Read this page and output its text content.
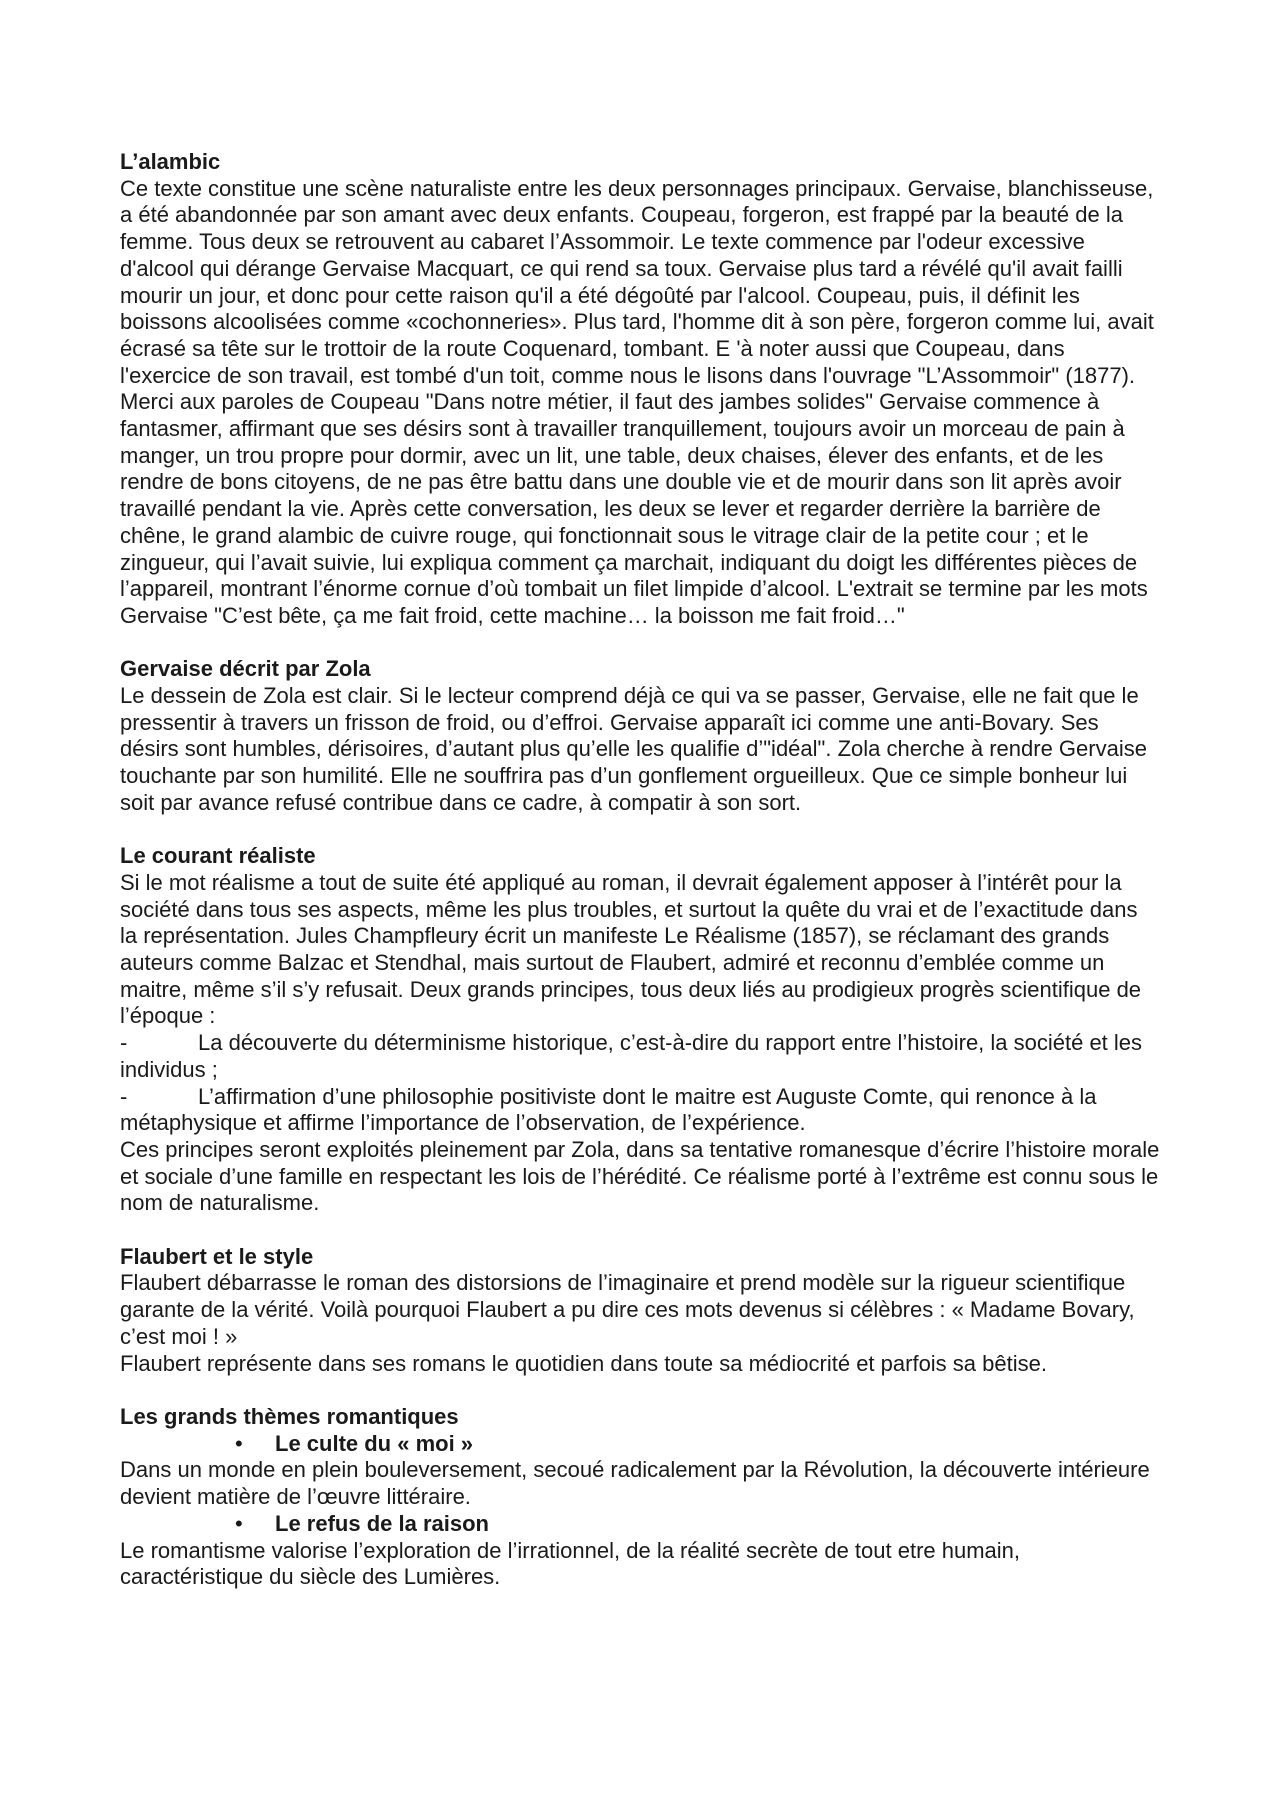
L’alambic

Ce texte constitue une scène naturaliste entre les deux personnages principaux. Gervaise, blanchisseuse, a été abandonnée par son amant avec deux enfants. Coupeau, forgeron, est frappé par la beauté de la femme. Tous deux se retrouvent au cabaret l’Assommoir. Le texte commence par l'odeur excessive d'alcool qui dérange Gervaise Macquart, ce qui rend sa toux. Gervaise plus tard a révélé qu'il avait failli mourir un jour, et donc pour cette raison qu'il a été dégoûté par l'alcool. Coupeau, puis, il définit les boissons alcoolisées comme «cochonneries». Plus tard, l'homme dit à son père, forgeron comme lui, avait écrasé sa tête sur le trottoir de la route Coquenard, tombant. E 'à noter aussi que Coupeau, dans l'exercice de son travail, est tombé d'un toit, comme nous le lisons dans l'ouvrage "L’Assommoir" (1877). Merci aux paroles de Coupeau "Dans notre métier, il faut des jambes solides" Gervaise commence à fantasmer, affirmant que ses désirs sont à travailler tranquillement, toujours avoir un morceau de pain à manger, un trou propre pour dormir, avec un lit, une table, deux chaises, élever des enfants, et de les rendre de bons citoyens, de ne pas être battu dans une double vie et de mourir dans son lit après avoir travaillé pendant la vie. Après cette conversation, les deux se lever et regarder derrière la barrière de chêne, le grand alambic de cuivre rouge, qui fonctionnait sous le vitrage clair de la petite cour ; et le zingueur, qui l’avait suivie, lui expliqua comment ça marchait, indiquant du doigt les différentes pièces de l’appareil, montrant l’énorme cornue d’où tombait un filet limpide d’alcool. L'extrait se termine par les mots Gervaise "C’est bête, ça me fait froid, cette machine… la boisson me fait froid…"

Gervaise décrit par Zola

Le dessein de Zola est clair. Si le lecteur comprend déjà ce qui va se passer, Gervaise, elle ne fait que le pressentir à travers un frisson de froid, ou d’effroi. Gervaise apparaît ici comme une anti-Bovary. Ses désirs sont humbles, dérisoires, d’autant plus qu’elle les qualifie d’"idéal". Zola cherche à rendre Gervaise touchante par son humilité. Elle ne souffrira pas d’un gonflement orgueilleux. Que ce simple bonheur lui soit par avance refusé contribue dans ce cadre, à compatir à son sort.

Le courant réaliste

Si le mot réalisme a tout de suite été appliqué au roman, il devrait également apposer à l’intérêt pour la société dans tous ses aspects, même les plus troubles, et surtout la quête du vrai et de l’exactitude dans la représentation. Jules Champfleury écrit un manifeste Le Réalisme (1857), se réclamant des grands auteurs comme Balzac et Stendhal, mais surtout de Flaubert, admiré et reconnu d’emblée comme un maitre, même s’il s’y refusait. Deux grands principes, tous deux liés au prodigieux progrès scientifique de l’époque :

-	La découverte du déterminisme historique, c’est-à-dire du rapport entre l’histoire, la société et les individus ;
-	L’affirmation d’une philosophie positiviste dont le maitre est Auguste Comte, qui renonce à la métaphysique et affirme l’importance de l’observation, de l’expérience.

Ces principes seront exploités pleinement par Zola, dans sa tentative romanesque d’écrire l’histoire morale et sociale d’une famille en respectant les lois de l’hérédité. Ce réalisme porté à l’extrême est connu sous le nom de naturalisme.

Flaubert et le style

Flaubert débarrasse le roman des distorsions de l’imaginaire et prend modèle sur la rigueur scientifique garante de la vérité. Voilà pourquoi Flaubert a pu dire ces mots devenus si célèbres : « Madame Bovary, c’est moi ! »

Flaubert représente dans ses romans le quotidien dans toute sa médiocrité et parfois sa bêtise.

Les grands thèmes romantiques

• Le culte du « moi »

Dans un monde en plein bouleversement, secoué radicalement par la Révolution, la découverte intérieure devient matière de l’œuvre littéraire.

• Le refus de la raison

Le romantisme valorise l’exploration de l’irrationnel, de la réalité secrète de tout etre humain, caractéristique du siècle des Lumières.
